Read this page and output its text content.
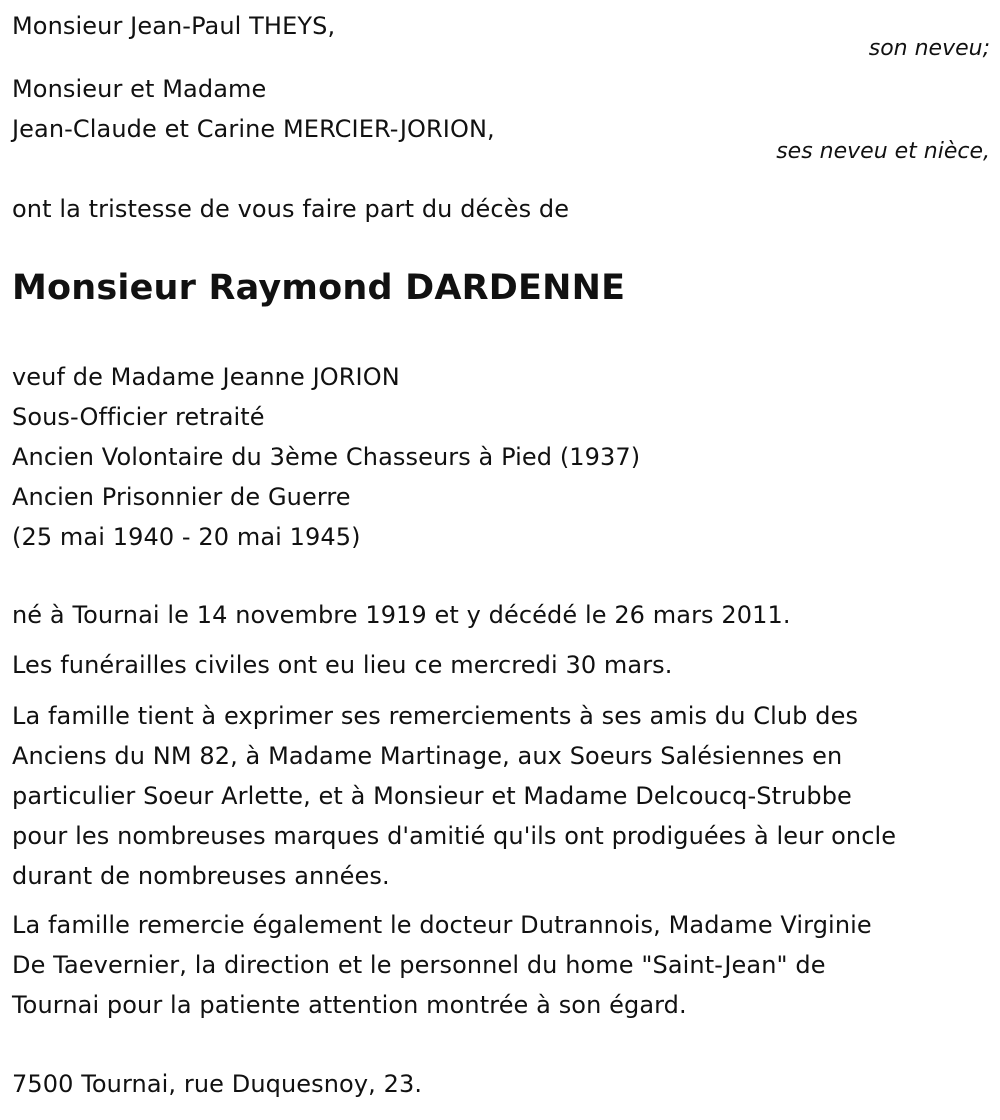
Monsieur Jean-Paul THEYS,
son neveu;
Monsieur et Madame
Jean-Claude et Carine MERCIER-JORION,
ses neveu et nièce,
ont la tristesse de vous faire part du décès de
Monsieur Raymond DARDENNE
veuf de Madame Jeanne JORION
Sous-Officier retraité
Ancien Volontaire du 3ème Chasseurs à Pied (1937)
Ancien Prisonnier de Guerre
(25 mai 1940 - 20 mai 1945)
né à Tournai le 14 novembre 1919 et y décédé le 26 mars 2011.
Les funérailles civiles ont eu lieu ce mercredi 30 mars.
La famille tient à exprimer ses remerciements à ses amis du Club des
Anciens du NM 82, à Madame Martinage, aux Soeurs Salésiennes en
particulier Soeur Arlette, et à Monsieur et Madame Delcoucq-Strubbe
pour les nombreuses marques d'amitié qu'ils ont prodiguées à leur oncle
durant de nombreuses années.
La famille remercie également le docteur Dutrannois, Madame Virginie
De Taevernier, la direction et le personnel du home "Saint-Jean" de
Tournai pour la patiente attention montrée à son égard.
7500 Tournai, rue Duquesnoy, 23.
